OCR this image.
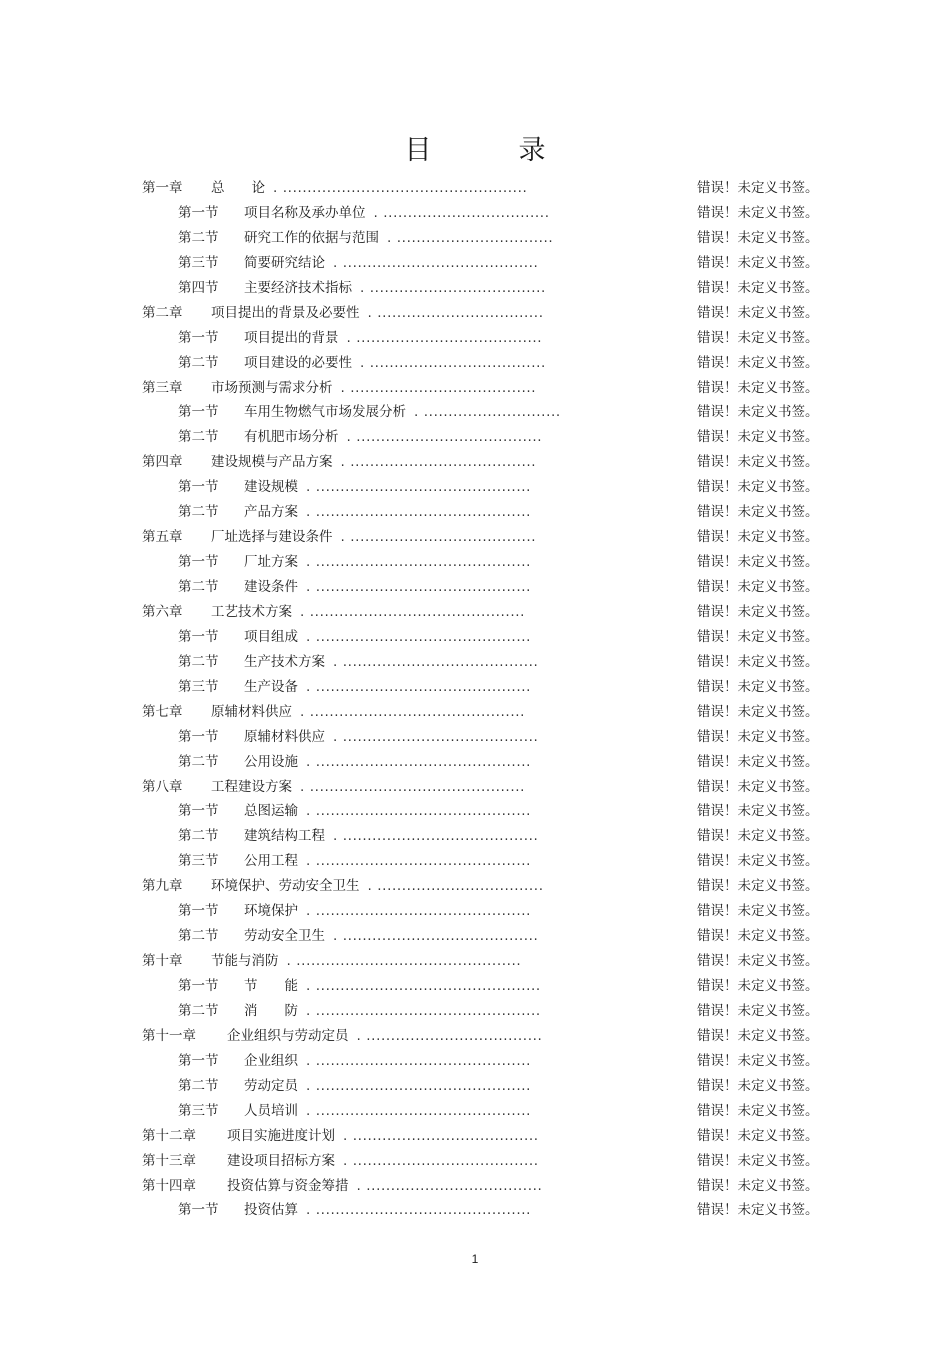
目　录
第一章 总　　论 . ..................................................	错误！未定义书签。
第一节 项目名称及承办单位 . ..................................	错误！未定义书签。
第二节 研究工作的依据与范围 . ................................	错误！未定义书签。
第三节 简要研究结论 . ........................................	错误！未定义书签。
第四节 主要经济技术指标 . ....................................	错误！未定义书签。
第二章 项目提出的背景及必要性 . ..................................	错误！未定义书签。
第一节 项目提出的背景 . ......................................	错误！未定义书签。
第二节 项目建设的必要性 . ....................................	错误！未定义书签。
第三章 市场预测与需求分析 . ......................................	错误！未定义书签。
第一节 车用生物燃气市场发展分析 . ............................	错误！未定义书签。
第二节 有机肥市场分析 . ......................................	错误！未定义书签。
第四章 建设规模与产品方案 . ......................................	错误！未定义书签。
第一节 建设规模 . ............................................	错误！未定义书签。
第二节 产品方案 . ............................................	错误！未定义书签。
第五章 厂址选择与建设条件 . ......................................	错误！未定义书签。
第一节 厂址方案 . ............................................	错误！未定义书签。
第二节 建设条件 . ............................................	错误！未定义书签。
第六章 工艺技术方案 . ............................................	错误！未定义书签。
第一节 项目组成 . ............................................	错误！未定义书签。
第二节 生产技术方案 . ........................................	错误！未定义书签。
第三节 生产设备 . ............................................	错误！未定义书签。
第七章 原辅材料供应 . ............................................	错误！未定义书签。
第一节 原辅材料供应 . ........................................	错误！未定义书签。
第二节 公用设施 . ............................................	错误！未定义书签。
第八章 工程建设方案 . ............................................	错误！未定义书签。
第一节 总图运输 . ............................................	错误！未定义书签。
第二节 建筑结构工程 . ........................................	错误！未定义书签。
第三节 公用工程 . ............................................	错误！未定义书签。
第九章 环境保护、劳动安全卫生 . ..................................	错误！未定义书签。
第一节 环境保护 . ............................................	错误！未定义书签。
第二节 劳动安全卫生 . ........................................	错误！未定义书签。
第十章 节能与消防 . ..............................................	错误！未定义书签。
第一节 节　　能 . ..............................................	错误！未定义书签。
第二节 消　　防 . ..............................................	错误！未定义书签。
第十一章 企业组织与劳动定员 . ....................................	错误！未定义书签。
第一节 企业组织 . ............................................	错误！未定义书签。
第二节 劳动定员 . ............................................	错误！未定义书签。
第三节 人员培训 . ............................................	错误！未定义书签。
第十二章 项目实施进度计划 . ......................................	错误！未定义书签。
第十三章 建设项目招标方案 . ......................................	错误！未定义书签。
第十四章 投资估算与资金筹措 . ....................................	错误！未定义书签。
第一节 投资估算 . ............................................	错误！未定义书签。
1
